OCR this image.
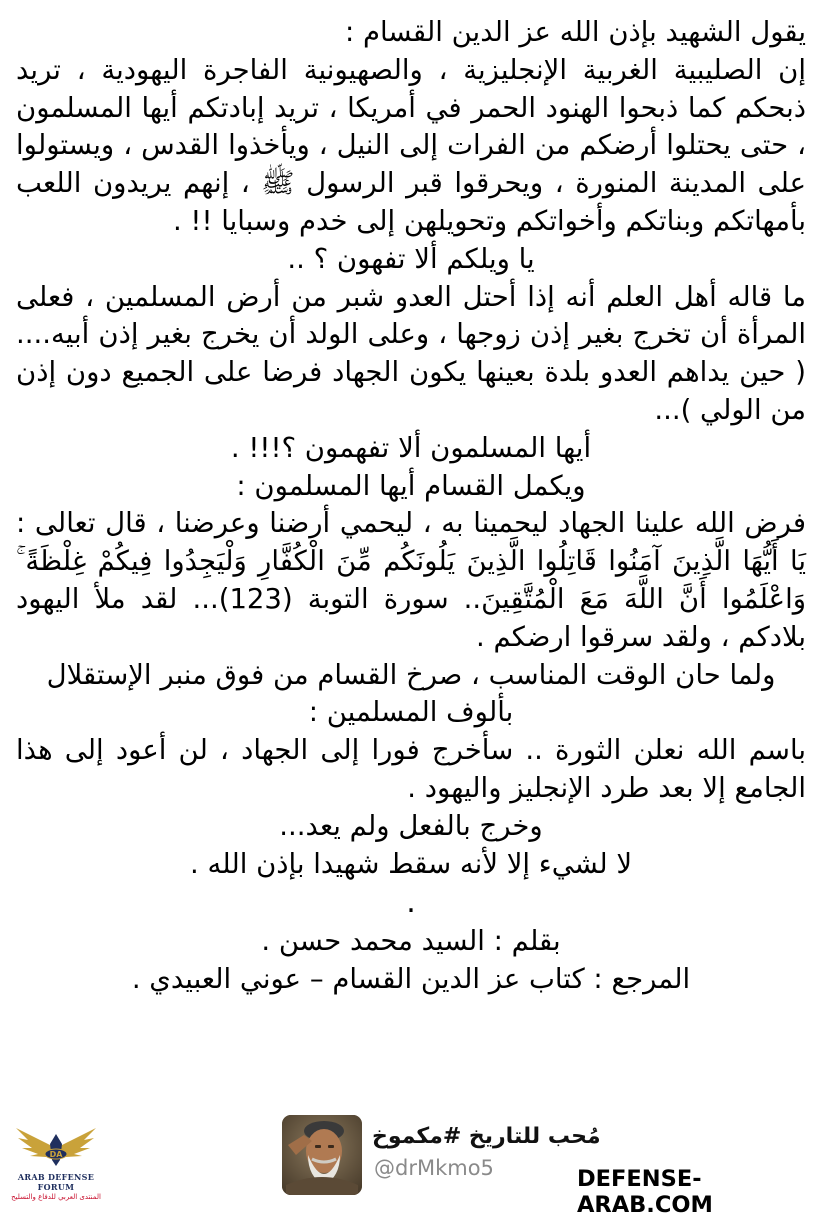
يقول الشهيد بإذن الله عز الدين القسام :

إن الصليبية الغربية الإنجليزية ، والصهيونية الفاجرة اليهودية ، تريد ذبحكم كما ذبحوا الهنود الحمر في أمريكا ، تريد إبادتكم أيها المسلمون ، حتى يحتلوا أرضكم من الفرات إلى النيل ، ويأخذوا القدس ، ويستولوا على المدينة المنورة ، ويحرقوا قبر الرسول ﷺ ، إنهم يريدون اللعب بأمهاتكم وبناتكم وأخواتكم وتحويلهن إلى خدم وسبايا !! .

يا ويلكم ألا تفهون ؟ ..

ما قاله أهل العلم أنه إذا أحتل العدو شبر من أرض المسلمين ، فعلى المرأة أن تخرج بغير إذن زوجها ، وعلى الولد أن يخرج بغير إذن أبيه.... ( حين يداهم العدو بلدة بعينها يكون الجهاد فرضا على الجميع دون إذن من الولي )...

أيها المسلمون ألا تفهمون ؟!!! .

ويكمل القسام أيها المسلمون :

فرض الله علينا الجهاد ليحمينا به ، ليحمي أرضنا وعرضنا ، قال تعالى : يَا أَيُّهَا الَّذِينَ آمَنُوا قَاتِلُوا الَّذِينَ يَلُونَكُم مِّنَ الْكُفَّارِ وَلْيَجِدُوا فِيكُمْ غِلْظَةً ۚ وَاعْلَمُوا أَنَّ اللَّهَ مَعَ الْمُتَّقِينَ.. سورة التوبة (123)... لقد ملأ اليهود بلادكم ، ولقد سرقوا ارضكم .

ولما حان الوقت المناسب ، صرخ القسام من فوق منبر الإستقلال بألوف المسلمين :

باسم الله نعلن الثورة .. سأخرج فورا إلى الجهاد ، لن أعود إلى هذا الجامع إلا بعد طرد الإنجليز واليهود .

وخرج بالفعل ولم يعد...

لا لشيء إلا لأنه سقط شهيدا بإذن الله .

.

بقلم : السيد محمد حسن .

المرجع : كتاب عز الدين القسام – عوني العبيدي .

DA
ARAB DEFENSE FORUM
المنتدى العربي للدفاع والتسليح
مُحب للتاريخ #مكموخ
@drMkmo5	DEFENSE-ARAB.COM
